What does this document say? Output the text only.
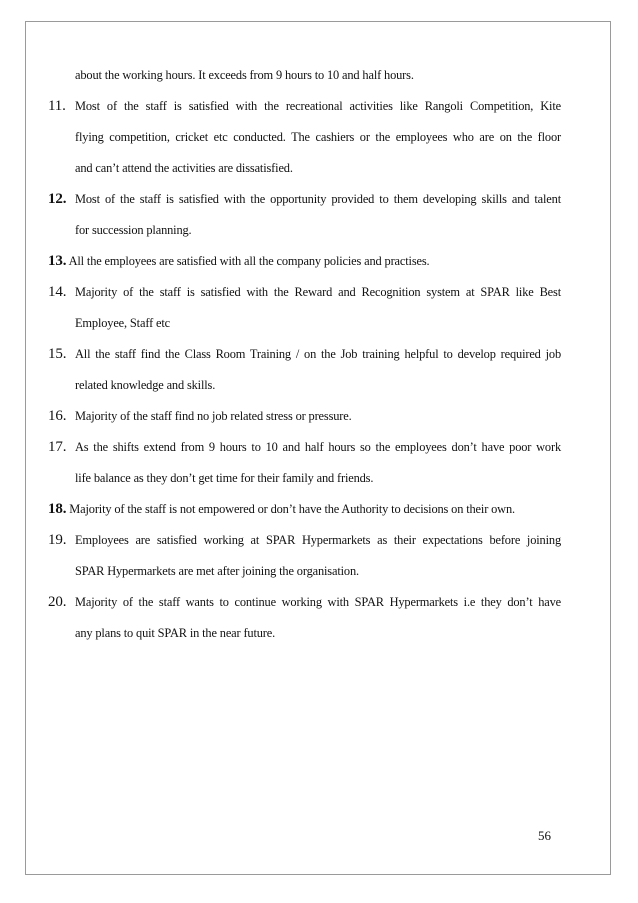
about the working hours. It exceeds from 9 hours to 10 and half hours.
11. Most of the staff is satisfied with the recreational activities like Rangoli Competition, Kite
flying competition, cricket etc conducted. The cashiers or the employees who are on the floor
and can’t attend the activities are dissatisfied.
12. Most of the staff is satisfied with the opportunity provided to them developing skills and talent
for succession planning.
13. All the employees are satisfied with all the company policies and practises.
14. Majority of the staff is satisfied with the Reward and Recognition system at SPAR like Best
Employee, Staff etc
15. All the staff find the Class Room Training / on the Job training helpful to develop required job
related knowledge and skills.
16. Majority of the staff find no job related stress or pressure.
17. As the shifts extend from 9 hours to 10 and half hours so the employees don’t have poor work
life balance as they don’t get time for their family and friends.
18. Majority of the staff is not empowered or don’t have the Authority to decisions on their own.
19. Employees are satisfied working at SPAR Hypermarkets as their expectations before joining
SPAR Hypermarkets are met after joining the organisation.
20. Majority of the staff wants to continue working with SPAR Hypermarkets i.e they don’t have
any plans to quit SPAR in the near future.
56
